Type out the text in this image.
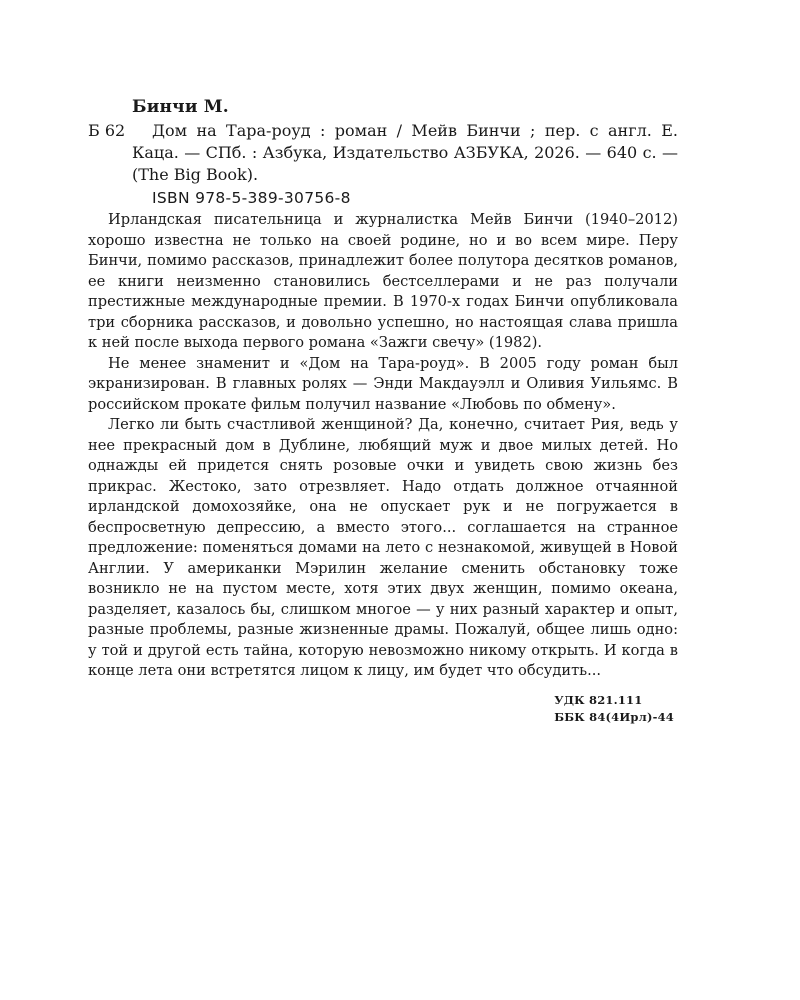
Бинчи М.
Б 62	Дом на Тара-роуд : роман / Мейв Бинчи ; пер. с англ. Е. Каца. — СПб. : Азбука, Издательство АЗБУКА, 2026. — 640 с. — (The Big Book).

ISBN 978-5-389-30756-8

Ирландская писательница и журналистка Мейв Бинчи (1940–2012) хорошо известна не только на своей родине, но и во всем мире. Перу Бинчи, помимо рассказов, принадлежит более полутора десятков романов, ее книги неизменно становились бестселлерами и не раз получали престижные международные премии. В 1970-х годах Бинчи опубликовала три сборника рассказов, и довольно успешно, но настоящая слава пришла к ней после выхода первого романа «Зажги свечу» (1982).

Не менее знаменит и «Дом на Тара-роуд». В 2005 году роман был экранизирован. В главных ролях — Энди Макдауэлл и Оливия Уильямс. В российском прокате фильм получил название «Любовь по обмену».

Легко ли быть счастливой женщиной? Да, конечно, считает Рия, ведь у нее прекрасный дом в Дублине, любящий муж и двое милых детей. Но однажды ей придется снять розовые очки и увидеть свою жизнь без прикрас. Жестоко, зато отрезвляет. Надо отдать должное отчаянной ирландской домохозяйке, она не опускает рук и не погружается в беспросветную депрессию, а вместо этого... соглашается на странное предложение: поменяться домами на лето с незнакомой, живущей в Новой Англии. У американки Мэрилин желание сменить обстановку тоже возникло не на пустом месте, хотя этих двух женщин, помимо океана, разделяет, казалось бы, слишком многое — у них разный характер и опыт, разные проблемы, разные жизненные драмы. Пожалуй, общее лишь одно: у той и другой есть тайна, которую невозможно никому открыть. И когда в конце лета они встретятся лицом к лицу, им будет что обсудить...

УДК 821.111
ББК 84(4Ирл)-44
